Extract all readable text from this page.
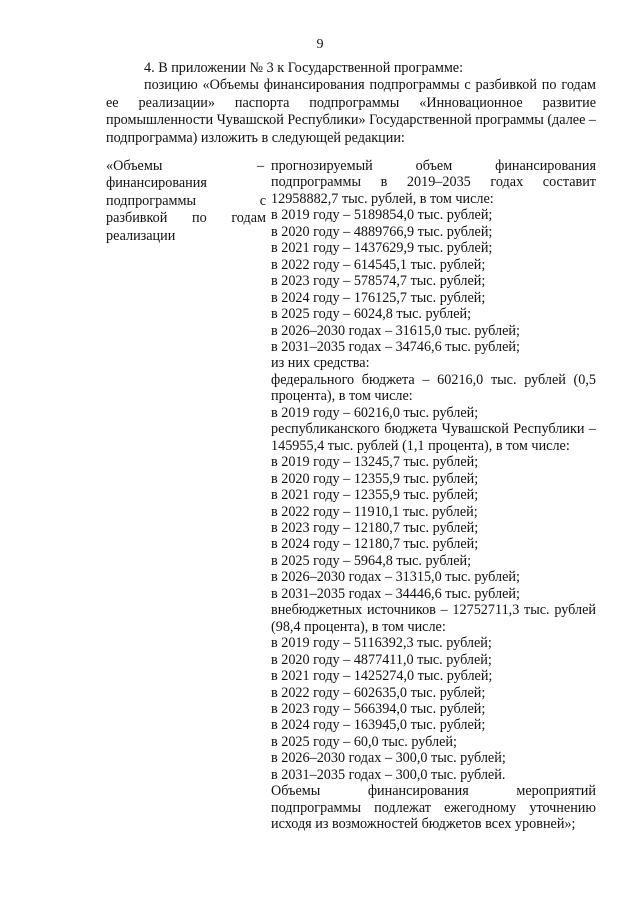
9

4. В приложении № 3 к Государственной программе:

позицию «Объемы финансирования подпрограммы с разбивкой по годам ее реализации» паспорта подпрограммы «Инновационное развитие промышленности Чувашской Республики» Государственной программы (далее – подпрограмма) изложить в следующей редакции:

«Объемы финансирования подпрограммы с разбивкой по годам реализации
– прогнозируемый объем финансирования подпрограммы в 2019–2035 годах составит 12958882,7 тыс. рублей, в том числе:
в 2019 году – 5189854,0 тыс. рублей;
в 2020 году – 4889766,9 тыс. рублей;
в 2021 году – 1437629,9 тыс. рублей;
в 2022 году – 614545,1 тыс. рублей;
в 2023 году – 578574,7 тыс. рублей;
в 2024 году – 176125,7 тыс. рублей;
в 2025 году – 6024,8 тыс. рублей;
в 2026–2030 годах – 31615,0 тыс. рублей;
в 2031–2035 годах – 34746,6 тыс. рублей;
из них средства:
федерального бюджета – 60216,0 тыс. рублей (0,5 процента), в том числе:
в 2019 году – 60216,0 тыс. рублей;
республиканского бюджета Чувашской Республики – 145955,4 тыс. рублей (1,1 процента), в том числе:
в 2019 году – 13245,7 тыс. рублей;
в 2020 году – 12355,9 тыс. рублей;
в 2021 году – 12355,9 тыс. рублей;
в 2022 году – 11910,1 тыс. рублей;
в 2023 году – 12180,7 тыс. рублей;
в 2024 году – 12180,7 тыс. рублей;
в 2025 году – 5964,8 тыс. рублей;
в 2026–2030 годах – 31315,0 тыс. рублей;
в 2031–2035 годах – 34446,6 тыс. рублей;
внебюджетных источников – 12752711,3 тыс. рублей (98,4 процента), в том числе:
в 2019 году – 5116392,3 тыс. рублей;
в 2020 году – 4877411,0 тыс. рублей;
в 2021 году – 1425274,0 тыс. рублей;
в 2022 году – 602635,0 тыс. рублей;
в 2023 году – 566394,0 тыс. рублей;
в 2024 году – 163945,0 тыс. рублей;
в 2025 году – 60,0 тыс. рублей;
в 2026–2030 годах – 300,0 тыс. рублей;
в 2031–2035 годах – 300,0 тыс. рублей.
Объемы финансирования мероприятий подпрограммы подлежат ежегодному уточнению исходя из возможностей бюджетов всех уровней»;
